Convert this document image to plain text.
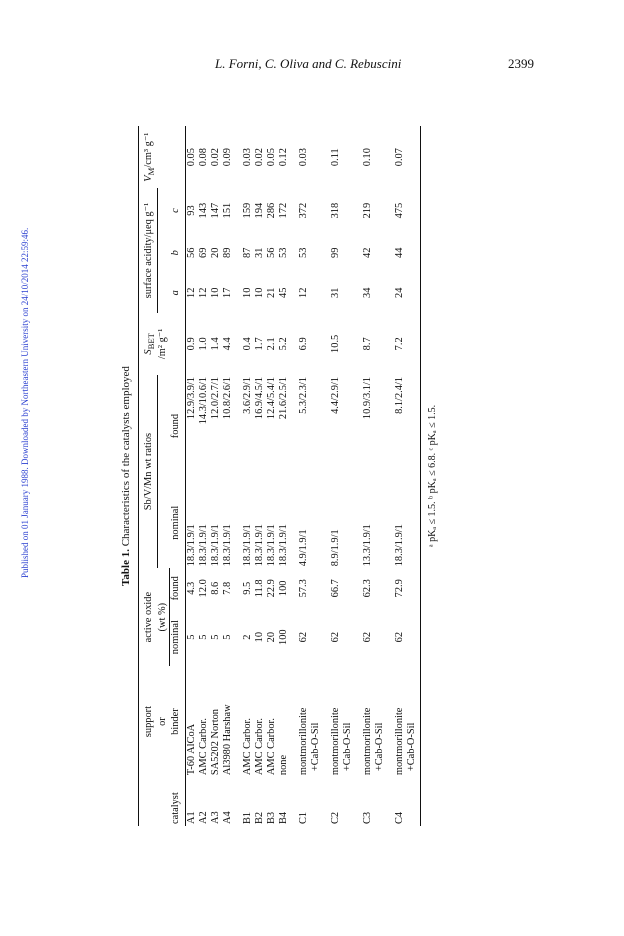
L. Forni, C. Oliva and C. Rebuscini	2399
Published on 01 January 1988. Downloaded by Northeastern University on 24/10/2014 22:59:46.	Table 1. Characteristics of the catalysts employed
	support	active oxide		Sb/V/Mn wt ratios		$S_{BET}$	surface acidity/μeq g⁻¹			$V_M$/cm³ g⁻¹
	or	(wt %)				/m² g⁻¹				
catalyst	binder	nominal	found	nominal	found		a	b	c	

A1	T-60 AlCoA	5	4.3	18.3/1.9/1	12.9/3.9/1	0.9	12	56	93	0.05

A2	AMC Carbor.	5	12.0	18.3/1.9/1	14.3/10.6/1	1.0	12	69	143	0.08

A3	SA5202 Norton	5	8.6	18.3/1.9/1	12.0/2.7/1	1.4	10	20	147	0.02

A4	Al3980 Harshaw	5	7.8	18.3/1.9/1	10.8/2.6/1	4.4	17	89	151	0.09

B1	AMC Carbor.	2	9.5	18.3/1.9/1	3.6/2.9/1	0.4	10	87	159	0.03

B2	AMC Carbor.	10	11.8	18.3/1.9/1	16.9/4.5/1	1.7	10	31	194	0.02

B3	AMC Carbor.	20	22.9	18.3/1.9/1	12.4/5.4/1	2.1	21	56	286	0.05

B4	none	100	100	18.3/1.9/1	21.6/2.5/1	5.2	45	53	172	0.12

C1	montmorillonite +Cab-O-Sil	62	57.3	4.9/1.9/1	5.3/2.3/1	6.9	12	53	372	0.03

C2	montmorillonite +Cab-O-Sil	62	66.7	8.9/1.9/1	4.4/2.9/1	10.5	31	99	318	0.11

C3	montmorillonite +Cab-O-Sil	62	62.3	13.3/1.9/1	10.9/3.1/1	8.7	34	42	219	0.10

C4	montmorillonite +Cab-O-Sil	62	72.9	18.3/1.9/1	8.1/2.4/1	7.2	24	44	475	0.07
ᵃ pKₐ ≤ 1.5. ᵇ pKₐ ≤ 6.8. ᶜ pKₐ ≤ 1.5.
